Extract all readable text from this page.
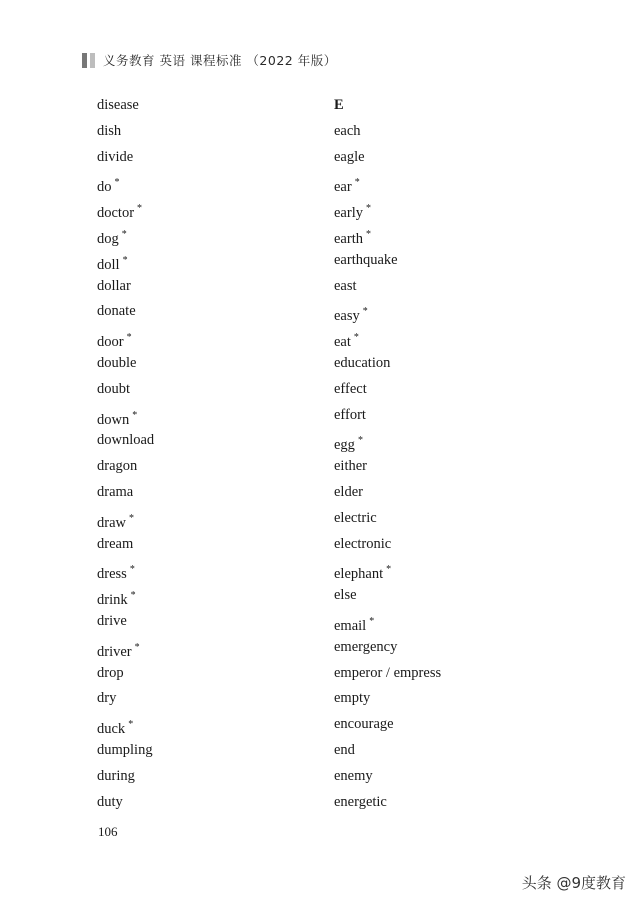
义务教育 英语 课程标准 （2022 年版）
disease
dish
divide
do *
doctor *
dog *
doll *
dollar
donate
door *
double
doubt
down *
download
dragon
drama
draw *
dream
dress *
drink *
drive
driver *
drop
dry
duck *
dumpling
during
duty
E
each
eagle
ear *
early *
earth *
earthquake
east
easy *
eat *
education
effect
effort
egg *
either
elder
electric
electronic
elephant *
else
email *
emergency
emperor / empress
empty
encourage
end
enemy
energetic
106
头条 @9度教育
